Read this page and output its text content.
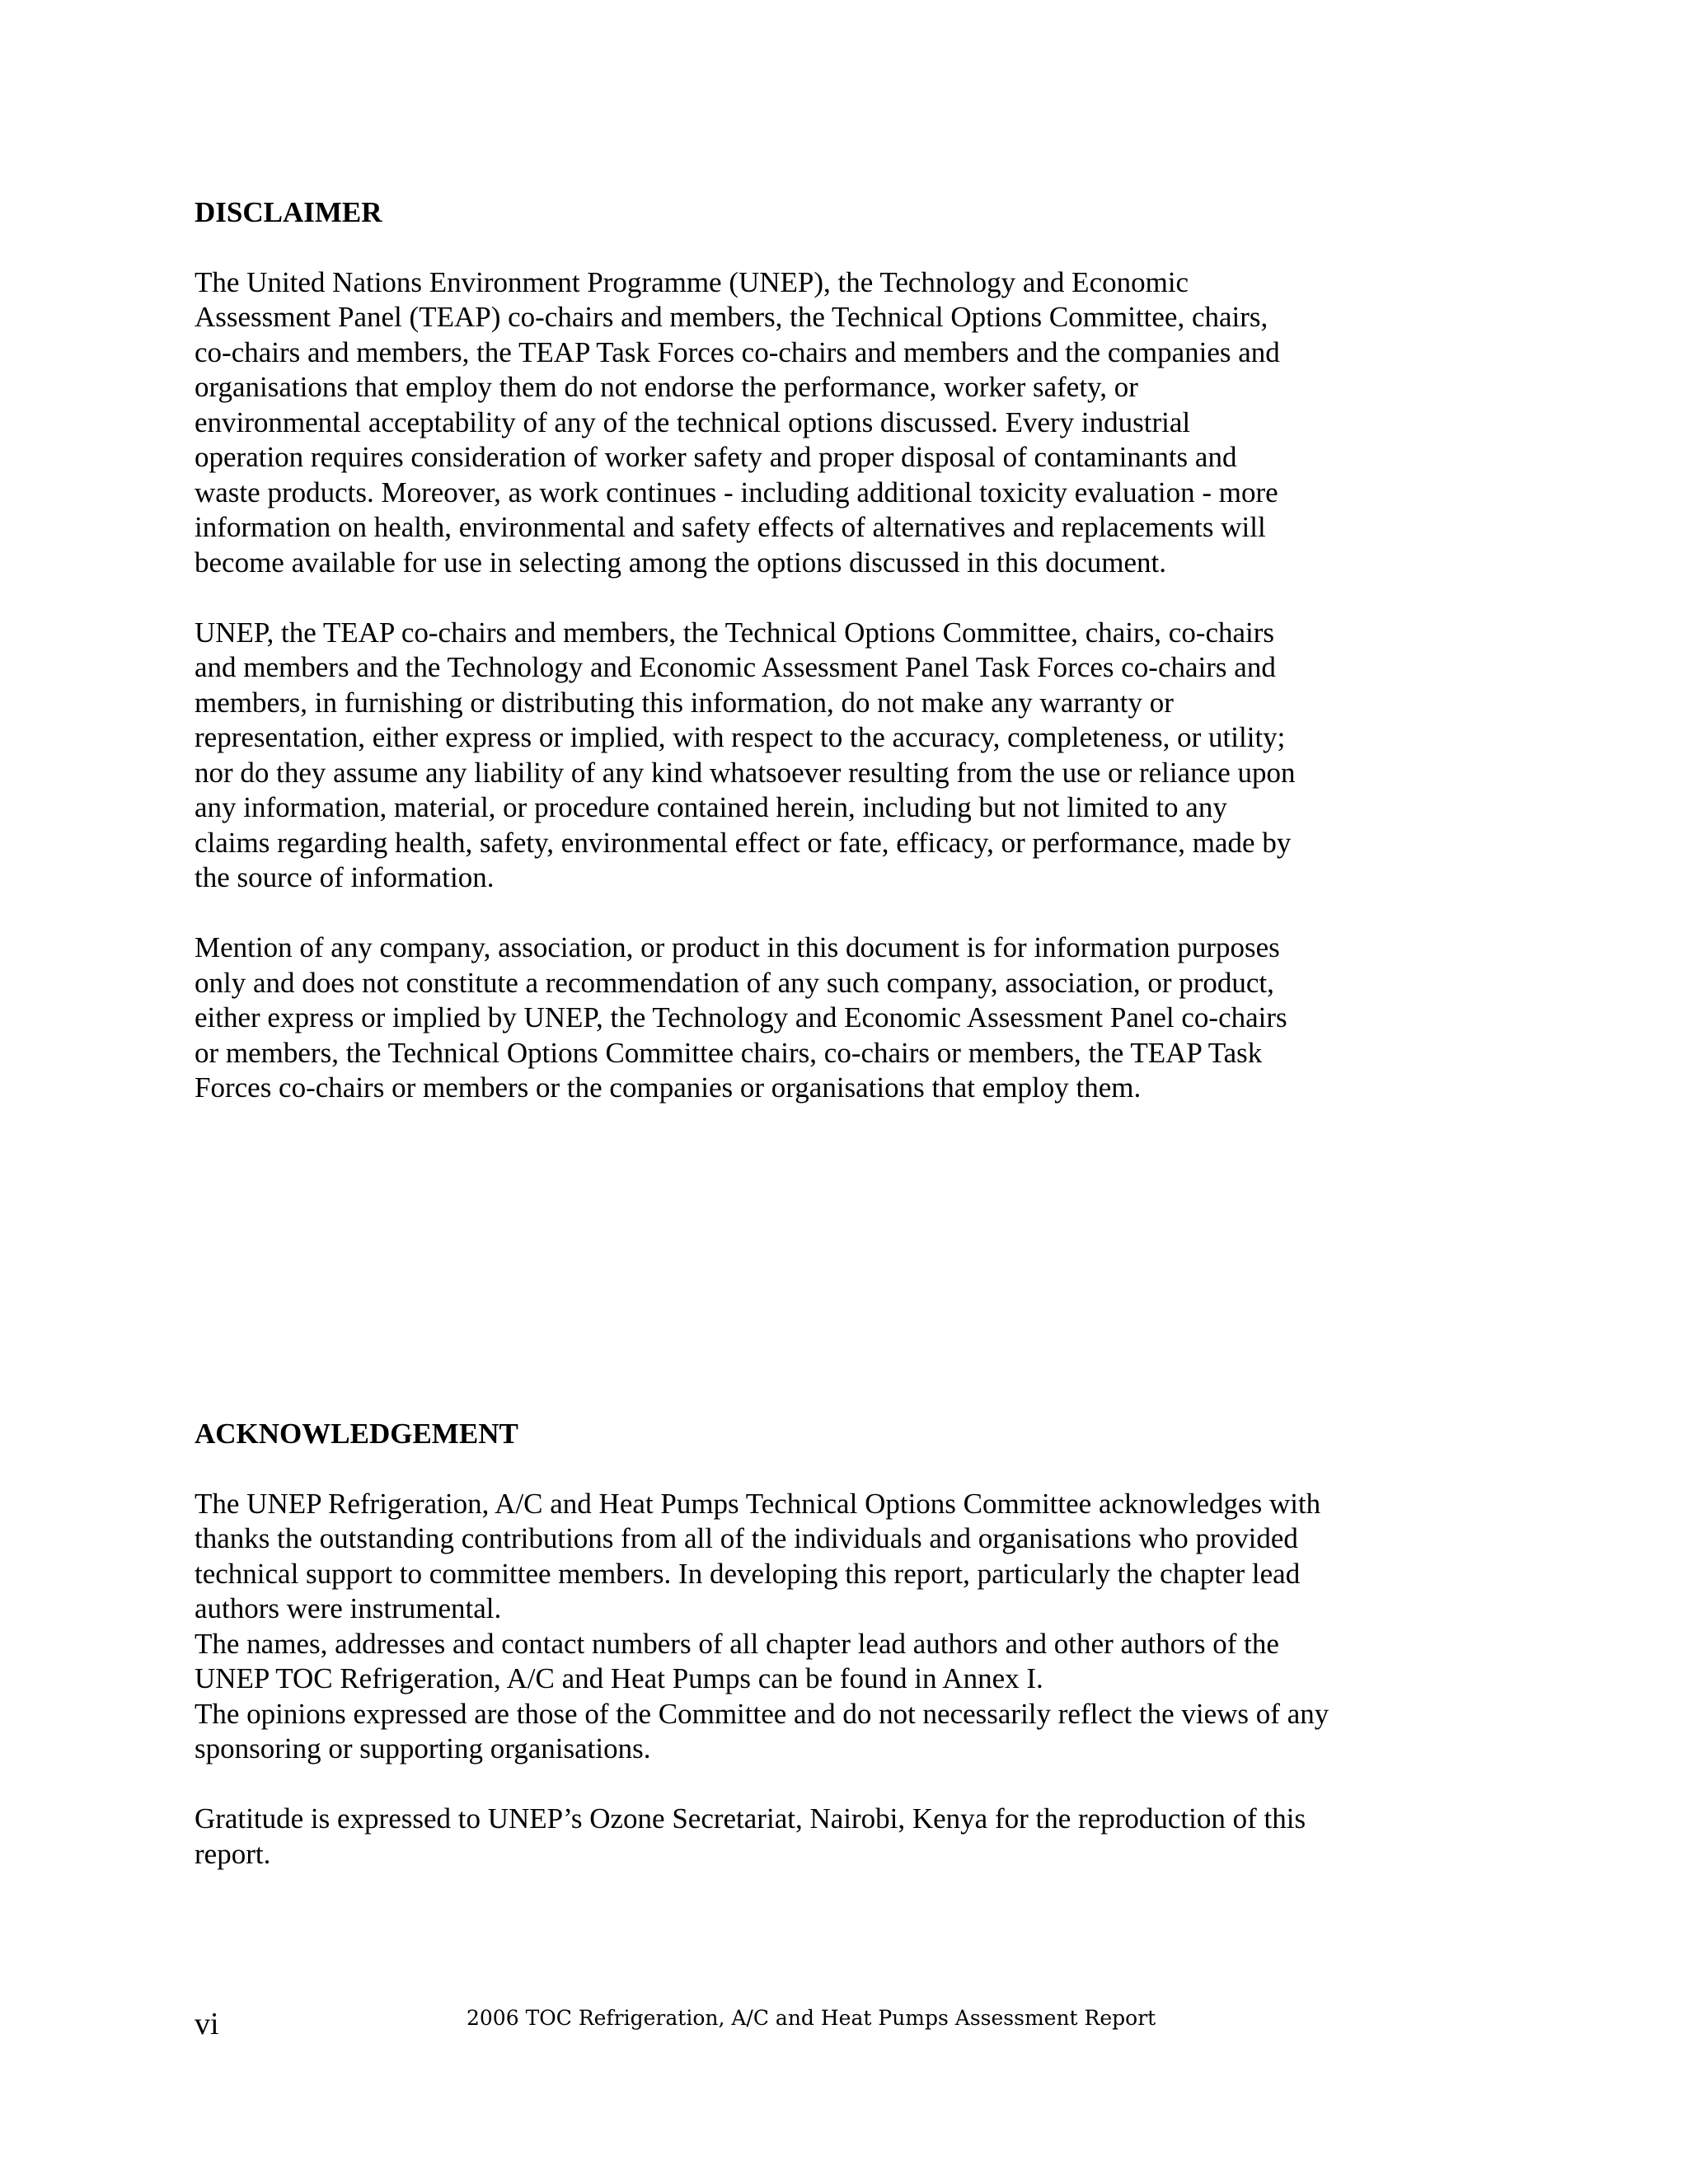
DISCLAIMER

The United Nations Environment Programme (UNEP), the Technology and Economic
Assessment Panel (TEAP) co-chairs and members, the Technical Options Committee, chairs,
co-chairs and members, the TEAP Task Forces co-chairs and members and the companies and
organisations that employ them do not endorse the performance, worker safety, or
environmental acceptability of any of the technical options discussed. Every industrial
operation requires consideration of worker safety and proper disposal of contaminants and
waste products. Moreover, as work continues - including additional toxicity evaluation - more
information on health, environmental and safety effects of alternatives and replacements will
become available for use in selecting among the options discussed in this document.

UNEP, the TEAP co-chairs and members, the Technical Options Committee, chairs, co-chairs
and members and the Technology and Economic Assessment Panel Task Forces co-chairs and
members, in furnishing or distributing this information, do not make any warranty or
representation, either express or implied, with respect to the accuracy, completeness, or utility;
nor do they assume any liability of any kind whatsoever resulting from the use or reliance upon
any information, material, or procedure contained herein, including but not limited to any
claims regarding health, safety, environmental effect or fate, efficacy, or performance, made by
the source of information.

Mention of any company, association, or product in this document is for information purposes
only and does not constitute a recommendation of any such company, association, or product,
either express or implied by UNEP, the Technology and Economic Assessment Panel co-chairs
or members, the Technical Options Committee chairs, co-chairs or members, the TEAP Task
Forces co-chairs or members or the companies or organisations that employ them.

ACKNOWLEDGEMENT

The UNEP Refrigeration, A/C and Heat Pumps Technical Options Committee acknowledges with
thanks the outstanding contributions from all of the individuals and organisations who provided
technical support to committee members. In developing this report, particularly the chapter lead
authors were instrumental.

The names, addresses and contact numbers of all chapter lead authors and other authors of the
UNEP TOC Refrigeration, A/C and Heat Pumps can be found in Annex I.

The opinions expressed are those of the Committee and do not necessarily reflect the views of any
sponsoring or supporting organisations.

Gratitude is expressed to UNEP’s Ozone Secretariat, Nairobi, Kenya for the reproduction of this
report.

vi	2006 TOC Refrigeration, A/C and Heat Pumps Assessment Report
